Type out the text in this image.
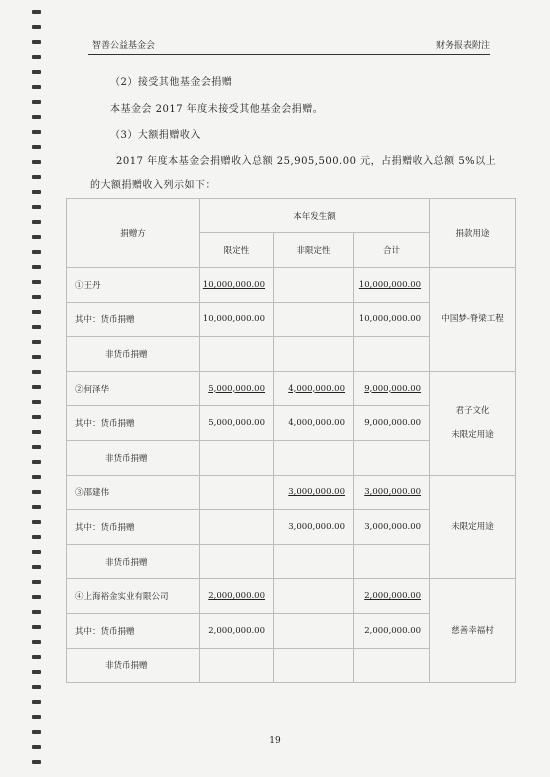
智善公益基金会	财务报表附注
（2）接受其他基金会捐赠
本基金会 2017 年度未接受其他基金会捐赠。
（3）大额捐赠收入
2017 年度本基金会捐赠收入总额 25,905,500.00 元，占捐赠收入总额 5%以上
的大额捐赠收入列示如下：
捐赠方	本年发生额			捐款用途
	限定性	非限定性	合计	
①王丹	10,000,000.00		10,000,000.00	中国梦-脊梁工程

其中：货币捐赠	10,000,000.00		10,000,000.00	
非货币捐赠				
②何泽华	5,000,000.00	4,000,000.00	9,000,000.00	君子文化
未限定用途

其中：货币捐赠	5,000,000.00	4,000,000.00	9,000,000.00	
非货币捐赠				
③邵建伟		3,000,000.00	3,000,000.00	未限定用途

其中：货币捐赠		3,000,000.00	3,000,000.00	
非货币捐赠				
④上海裕金实业有限公司	2,000,000.00		2,000,000.00	慈善幸福村

其中：货币捐赠	2,000,000.00		2,000,000.00	
非货币捐赠				
19
